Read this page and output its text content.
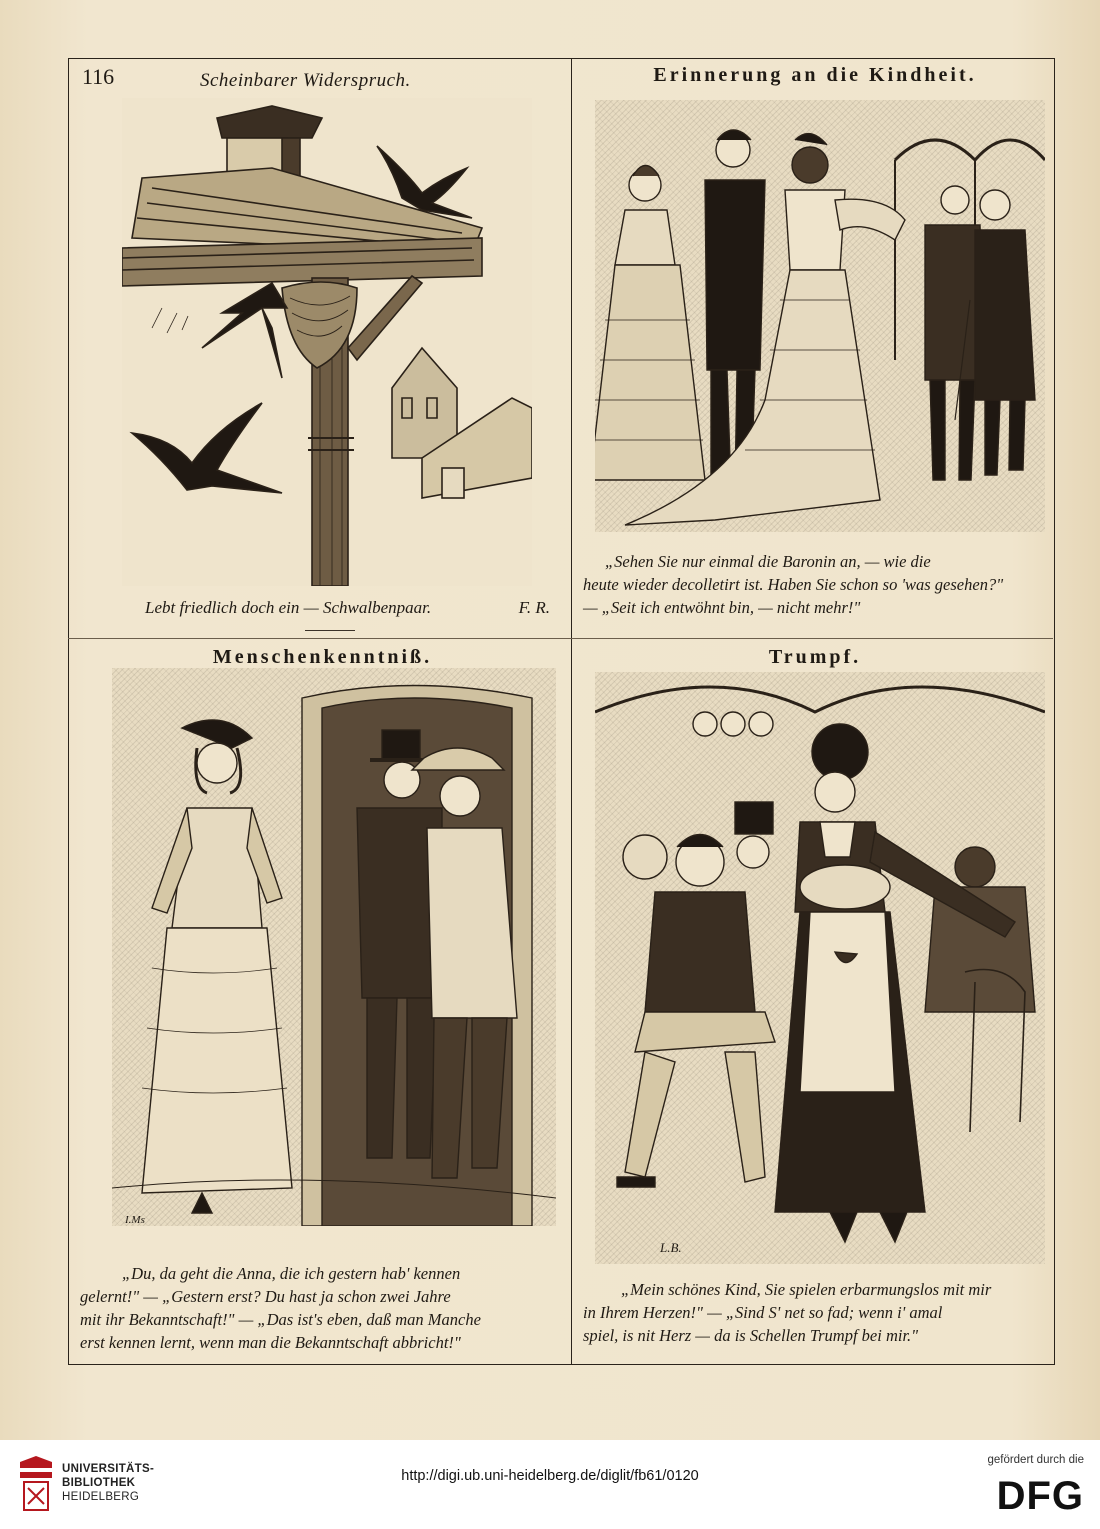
116	Scheinbarer Widerspruch.
Lebt friedlich doch ein — Schwalbenpaar.	F. R.
Erinnerung an die Kindheit.
„Sehen Sie nur einmal die Baronin an, — wie die
heute wieder decolletirt ist. Haben Sie schon so 'was gesehen?"
— „Seit ich entwöhnt bin, — nicht mehr!"
Menschenkenntniß.
I.Ms
„Du, da geht die Anna, die ich gestern hab' kennen
gelernt!" — „Gestern erst? Du hast ja schon zwei Jahre
mit ihr Bekanntschaft!" — „Das ist's eben, daß man Manche
erst kennen lernt, wenn man die Bekanntschaft abbricht!"
Trumpf.
L.B.
„Mein schönes Kind, Sie spielen erbarmungslos mit mir
in Ihrem Herzen!" — „Sind S' net so fad; wenn i' amal
spiel, is nit Herz — da is Schellen Trumpf bei mir."
UNIVERSITÄTS-
BIBLIOTHEK
HEIDELBERG
http://digi.ub.uni-heidelberg.de/diglit/fb61/0120
gefördert durch die
DFG
